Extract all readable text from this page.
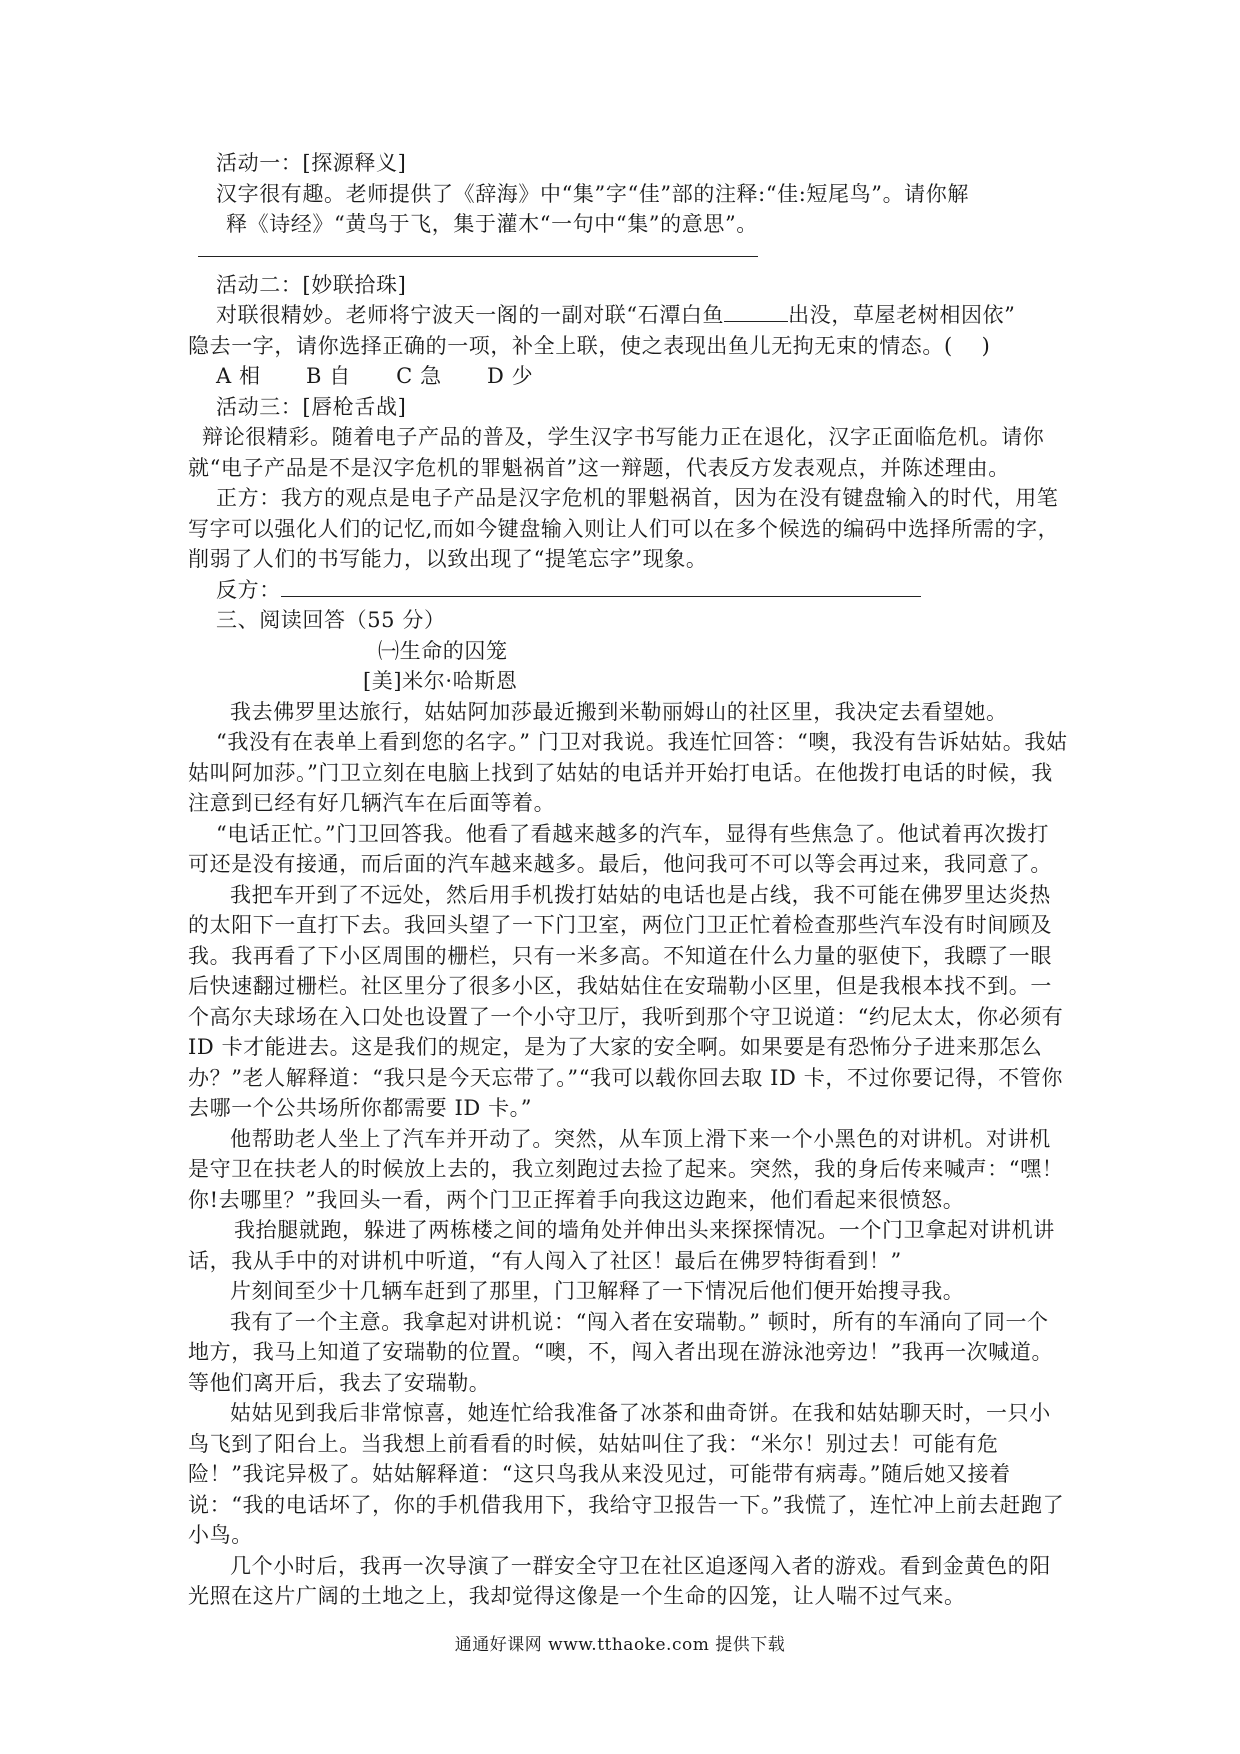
活动一：[探源释义]

汉字很有趣。老师提供了《辞海》中“集”字“佳”部的注释:“佳:短尾鸟”。请你解

释《诗经》“黄鸟于飞，集于灌木“一句中“集”的意思”。

活动二：[妙联拾珠]

对联很精妙。老师将宁波天一阁的一副对联“石潭白鱼	出没，草屋老树相因依”

隐去一字，请你选择正确的一项，补全上联，使之表现出鱼儿无拘无束的情态。(　 )

A 相 B 自 C 急 D 少

活动三：[唇枪舌战]

辩论很精彩。随着电子产品的普及，学生汉字书写能力正在退化，汉字正面临危机。请你就“电子产品是不是汉字危机的罪魁祸首”这一辩题，代表反方发表观点，并陈述理由。

正方：我方的观点是电子产品是汉字危机的罪魁祸首，因为在没有键盘输入的时代，用笔写字可以强化人们的记忆,而如今键盘输入则让人们可以在多个候选的编码中选择所需的字，削弱了人们的书写能力，以致出现了“提笔忘字”现象。

反方：

三、阅读回答（55 分）

㈠生命的囚笼

[美]米尔·哈斯恩

我去佛罗里达旅行，姑姑阿加莎最近搬到米勒丽姆山的社区里，我决定去看望她。

“我没有在表单上看到您的名字。” 门卫对我说。我连忙回答：“噢，我没有告诉姑姑。我姑姑叫阿加莎。”门卫立刻在电脑上找到了姑姑的电话并开始打电话。在他拨打电话的时候，我注意到已经有好几辆汽车在后面等着。

“电话正忙。”门卫回答我。他看了看越来越多的汽车，显得有些焦急了。他试着再次拨打可还是没有接通，而后面的汽车越来越多。最后，他问我可不可以等会再过来，我同意了。

我把车开到了不远处，然后用手机拨打姑姑的电话也是占线，我不可能在佛罗里达炎热的太阳下一直打下去。我回头望了一下门卫室，两位门卫正忙着检查那些汽车没有时间顾及我。我再看了下小区周围的栅栏，只有一米多高。不知道在什么力量的驱使下，我瞟了一眼后快速翻过栅栏。社区里分了很多小区，我姑姑住在安瑞勒小区里，但是我根本找不到。一个高尔夫球场在入口处也设置了一个小守卫厅，我听到那个守卫说道：“约尼太太，你必须有 ID 卡才能进去。这是我们的规定，是为了大家的安全啊。如果要是有恐怖分子进来那怎么办？”老人解释道：“我只是今天忘带了。”“我可以载你回去取 ID 卡，不过你要记得，不管你去哪一个公共场所你都需要 ID 卡。”

他帮助老人坐上了汽车并开动了。突然，从车顶上滑下来一个小黑色的对讲机。对讲机是守卫在扶老人的时候放上去的，我立刻跑过去捡了起来。突然，我的身后传来喊声：“嘿！你!去哪里？”我回头一看，两个门卫正挥着手向我这边跑来，他们看起来很愤怒。

我抬腿就跑，躲进了两栋楼之间的墙角处并伸出头来探探情况。一个门卫拿起对讲机讲话，我从手中的对讲机中听道，“有人闯入了社区！最后在佛罗特街看到！”

片刻间至少十几辆车赶到了那里，门卫解释了一下情况后他们便开始搜寻我。

我有了一个主意。我拿起对讲机说：“闯入者在安瑞勒。” 顿时，所有的车涌向了同一个地方，我马上知道了安瑞勒的位置。“噢，不，闯入者出现在游泳池旁边！”我再一次喊道。等他们离开后，我去了安瑞勒。

姑姑见到我后非常惊喜，她连忙给我准备了冰茶和曲奇饼。在我和姑姑聊天时，一只小鸟飞到了阳台上。当我想上前看看的时候，姑姑叫住了我：“米尔！别过去！可能有危险！”我诧异极了。姑姑解释道：“这只鸟我从来没见过，可能带有病毒。”随后她又接着说：“我的电话坏了，你的手机借我用下，我给守卫报告一下。”我慌了，连忙冲上前去赶跑了小鸟。

几个小时后，我再一次导演了一群安全守卫在社区追逐闯入者的游戏。看到金黄色的阳光照在这片广阔的土地之上，我却觉得这像是一个生命的囚笼，让人喘不过气来。

通通好课网 www.tthaoke.com 提供下载
